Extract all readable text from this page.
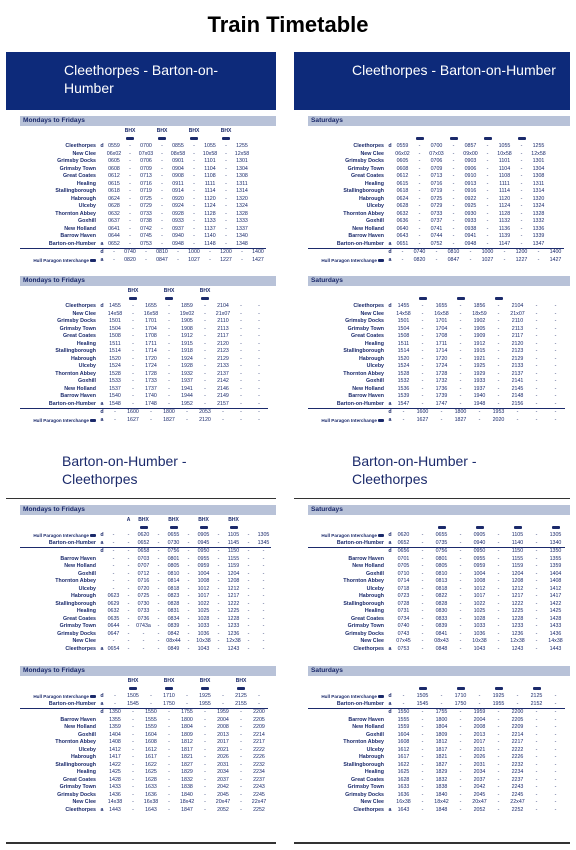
Train Timetable
Cleethorpes - Barton-on-Humber
Cleethorpes - Barton-on-Humber
Barton-on-Humber - Cleethorpes
Barton-on-Humber - Cleethorpes
Mondays to Fridays
			BHX		BHX		BHX		BHX		

Cleethorpes	d	0559	-	0700	-	0855	-	1055	-	1255	
New Clee		06x02	-	07x03	-	08x58	-	10x58	-	12x58	
Grimsby Docks		0605	-	0706	-	0901	-	1101	-	1301	
Grimsby Town		0608	-	0709	-	0904	-	1104	-	1304	
Great Coates		0612	-	0713	-	0908	-	1108	-	1308	
Healing		0615	-	0716	-	0911	-	1111	-	1311	
Stallingborough		0618	-	0719	-	0914	-	1114	-	1314	
Habrough		0624	-	0725	-	0920	-	1120	-	1320	
Ulceby		0628	-	0729	-	0924	-	1124	-	1324	
Thornton Abbey		0632	-	0733	-	0928	-	1128	-	1328	
Goxhill		0637	-	0738	-	0933	-	1133	-	1333	
New Holland		0641	-	0742	-	0937	-	1137	-	1337	
Barrow Haven		0644	-	0745	-	0940	-	1140	-	1340	
Barton-on-Humber	a	0652	-	0753	-	0948	-	1148	-	1348	
	d	-	0740	-	0810	-	1000	-	1200	-	1400
Hull Paragon Interchange	a	-	0820	-	0847	-	1027	-	1227	-	1427
Saturdays

Cleethorpes	d	0559	-	0700	-	0857	-	1055	-	1255	
New Clee		06x02	-	07x03	-	09x00	-	10x58	-	12x58	
Grimsby Docks		0605	-	0706	-	0903	-	1101	-	1301	
Grimsby Town		0608	-	0709	-	0906	-	1104	-	1304	
Great Coates		0612	-	0713	-	0910	-	1108	-	1308	
Healing		0615	-	0716	-	0913	-	1111	-	1311	
Stallingborough		0618	-	0719	-	0916	-	1114	-	1314	
Habrough		0624	-	0725	-	0922	-	1120	-	1320	
Ulceby		0628	-	0729	-	0925	-	1124	-	1324	
Thornton Abbey		0632	-	0733	-	0930	-	1128	-	1328	
Goxhill		0636	-	0737	-	0933	-	1132	-	1332	
New Holland		0640	-	0741	-	0938	-	1136	-	1336	
Barrow Haven		0643	-	0744	-	0941	-	1139	-	1339	
Barton-on-Humber	a	0651	-	0752	-	0948	-	1147	-	1347	
	d	-	0740	-	0810	-	1000	-	1200	-	1400
Hull Paragon Interchange	a	-	0820	-	0847	-	1027	-	1227	-	1427
Mondays to Fridays
			BHX		BHX		BHX			

Cleethorpes	d	1455	-	1655	-	1859	-	2104	-	-
New Clee		14x58	-	16x58	-	19x02	-	21x07	-	-
Grimsby Docks		1501	-	1701	-	1905	-	2110	-	-
Grimsby Town		1504	-	1704	-	1908	-	2113	-	-
Great Coates		1508	-	1708	-	1912	-	2117	-	-
Healing		1511	-	1711	-	1915	-	2120	-	-
Stallingborough		1514	-	1714	-	1918	-	2123	-	-
Habrough		1520	-	1720	-	1924	-	2129	-	-
Ulceby		1524	-	1724	-	1928	-	2133	-	-
Thornton Abbey		1528	-	1728	-	1932	-	2137	-	-
Goxhill		1533	-	1733	-	1937	-	2142	-	-
New Holland		1537	-	1737	-	1941	-	2146	-	-
Barrow Haven		1540	-	1740	-	1944	-	2149	-	-
Barton-on-Humber	a	1548	-	1748	-	1952	-	2157	-	-
	d	-	1600	-	1800	-	2053	-	-	-
Hull Paragon Interchange	a	-	1627	-	1827	-	2120	-	-	-
Saturdays

Cleethorpes	d	1455	-	1655	-	1856	-	2104	-	-
New Clee		14x58	-	16x58	-	18x59	-	21x07	-	-
Grimsby Docks		1501	-	1701	-	1902	-	2110	-	-
Grimsby Town		1504	-	1704	-	1905	-	2113	-	-
Great Coates		1508	-	1708	-	1909	-	2117	-	-
Healing		1511	-	1711	-	1912	-	2120	-	-
Stallingborough		1514	-	1714	-	1915	-	2123	-	-
Habrough		1520	-	1720	-	1921	-	2129	-	-
Ulceby		1524	-	1724	-	1925	-	2133	-	-
Thornton Abbey		1528	-	1728	-	1929	-	2137	-	-
Goxhill		1532	-	1732	-	1933	-	2141	-	-
New Holland		1536	-	1736	-	1937	-	2145	-	-
Barrow Haven		1539	-	1739	-	1940	-	2148	-	-
Barton-on-Humber	a	1547	-	1747	-	1948	-	2156	-	-
	d	-	1600	-	1800	-	1953	-	-	-
Hull Paragon Interchange	a	-	1627	-	1827	-	2020	-	-	-
Mondays to Fridays
			A	BHX		BHX		BHX		BHX		

Hull Paragon Interchange	d	-	-	0620	-	0655	-	0905	-	1105	-	1305
Barton-on-Humber	a	-	-	0652	-	0730	-	0945	-	1145	-	1345
	d	-	-	0658	-	0756	-	0950	-	1150	-	-
Barrow Haven		-	-	0703	-	0801	-	0955	-	1155	-	-
New Holland		-	-	0707	-	0805	-	0959	-	1159	-	-
Goxhill		-	-	0712	-	0810	-	1004	-	1204	-	-
Thornton Abbey		-	-	0716	-	0814	-	1008	-	1208	-	-
Ulceby		-	-	0720	-	0818	-	1012	-	1212	-	-
Habrough		0623	-	0725	-	0823	-	1017	-	1217	-	-
Stallingborough		0629	-	0730	-	0828	-	1022	-	1222	-	-
Healing		0632	-	0733	-	0831	-	1025	-	1225	-	-
Great Coates		0635	-	0736	-	0834	-	1028	-	1228	-	-
Grimsby Town		0644	-	0743a	-	0839	-	1033	-	1233	-	-
Grimsby Docks		0647	-	-	-	0842	-	1036	-	1236	-	-
New Clee		-	-	-	-	08x44	-	10x38	-	12x38	-	-
Cleethorpes	a	0654	-	-	-	0849	-	1043	-	1243	-	-
Saturdays

Hull Paragon Interchange	d	0620	-	0655	-	0905	-	1105	-	1305
Barton-on-Humber	a	0652	-	0735	-	0940	-	1140	-	1340
	d	0656	-	0756	-	0950	-	1150	-	1350
Barrow Haven		0701	-	0801	-	0955	-	1155	-	1355
New Holland		0705	-	0805	-	0959	-	1159	-	1359
Goxhill		0710	-	0810	-	1004	-	1204	-	1404
Thornton Abbey		0714	-	0813	-	1008	-	1208	-	1408
Ulceby		0718	-	0818	-	1012	-	1212	-	1412
Habrough		0723	-	0822	-	1017	-	1217	-	1417
Stallingborough		0728	-	0828	-	1022	-	1222	-	1422
Healing		0731	-	0830	-	1025	-	1225	-	1425
Great Coates		0734	-	0833	-	1028	-	1228	-	1428
Grimsby Town		0740	-	0839	-	1033	-	1233	-	1433
Grimsby Docks		0743	-	0841	-	1036	-	1236	-	1436
New Clee		07x45	-	08x43	-	10x38	-	12x38	-	14x38
Cleethorpes	a	0753	-	0848	-	1043	-	1243	-	1443
Mondays to Fridays
			BHX		BHX		BHX		BHX	

Hull Paragon Interchange	d	-	1505	-	1710	-	1925	-	2125	-
Barton-on-Humber	a	-	1545	-	1750	-	1955	-	2155	-
	d	1350	-	1550	-	1755	-	1959	-	2200
Barrow Haven		1355	-	1555	-	1800	-	2004	-	2205
New Holland		1359	-	1559	-	1804	-	2008	-	2209
Goxhill		1404	-	1604	-	1809	-	2013	-	2214
Thornton Abbey		1408	-	1608	-	1812	-	2017	-	2217
Ulceby		1412	-	1612	-	1817	-	2021	-	2222
Habrough		1417	-	1617	-	1821	-	2026	-	2226
Stallingborough		1422	-	1622	-	1827	-	2031	-	2232
Healing		1425	-	1625	-	1829	-	2034	-	2234
Great Coates		1428	-	1628	-	1832	-	2037	-	2237
Grimsby Town		1433	-	1633	-	1838	-	2042	-	2243
Grimsby Docks		1436	-	1636	-	1840	-	2045	-	2245
New Clee		14x38	-	16x38	-	18x42	-	20x47	-	22x47
Cleethorpes	a	1443	-	1643	-	1847	-	2052	-	2252
Saturdays

Hull Paragon Interchange	d	-	1505	-	1710	-	1925	-	2125	-
Barton-on-Humber	a	-	1545	-	1750	-	1955	-	2152	-
	d	1550	-	1755	-	1959	-	2200	-	-
Barrow Haven		1555	-	1800	-	2004	-	2205	-	-
New Holland		1559	-	1804	-	2008	-	2209	-	-
Goxhill		1604	-	1809	-	2013	-	2214	-	-
Thornton Abbey		1608	-	1812	-	2017	-	2217	-	-
Ulceby		1612	-	1817	-	2021	-	2222	-	-
Habrough		1617	-	1821	-	2026	-	2226	-	-
Stallingborough		1622	-	1827	-	2031	-	2232	-	-
Healing		1625	-	1829	-	2034	-	2234	-	-
Great Coates		1628	-	1832	-	2037	-	2237	-	-
Grimsby Town		1633	-	1838	-	2042	-	2243	-	-
Grimsby Docks		1636	-	1840	-	2045	-	2245	-	-
New Clee		16x38	-	18x42	-	20x47	-	22x47	-	-
Cleethorpes	a	1643	-	1848	-	2052	-	2252	-	-
